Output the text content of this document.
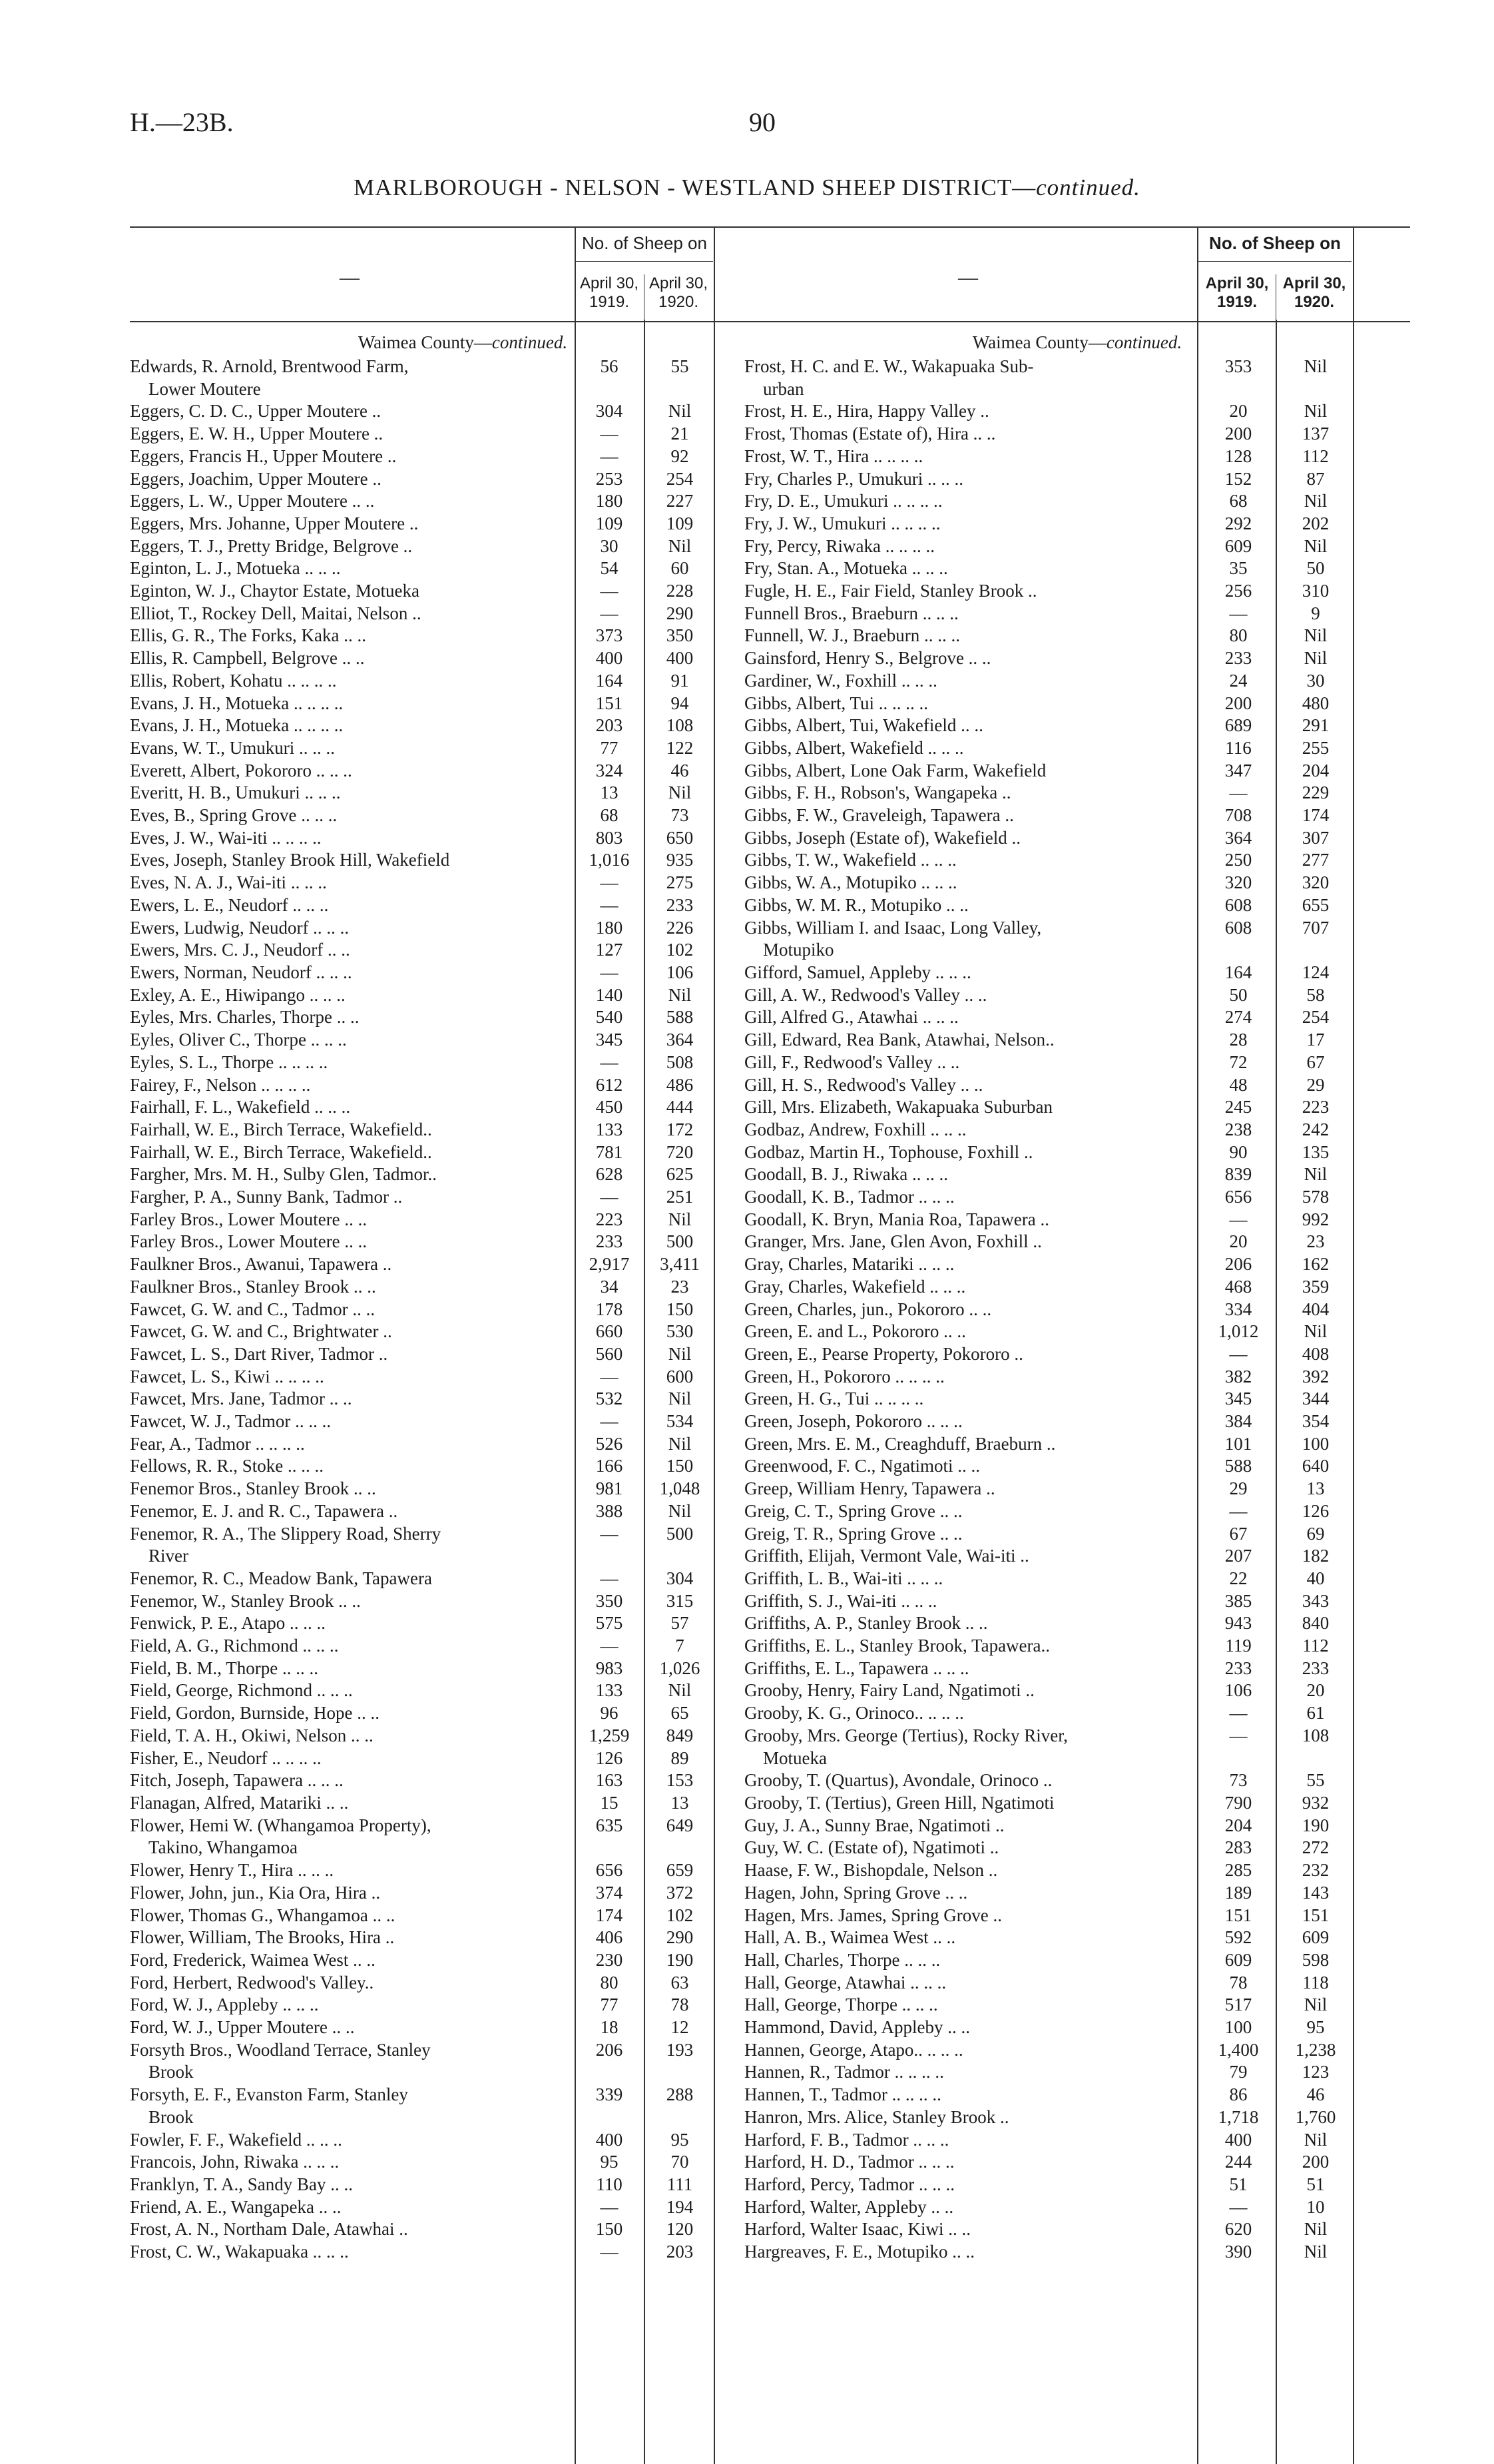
H.—23B.	90
MARLBOROUGH - NELSON - WESTLAND SHEEP DISTRICT—continued.
—
No. of Sheep on
April 30, 1919.
April 30, 1920.
Waimea County—continued.
Edwards, R. Arnold, Brentwood Farm,
Lower Moutere
56	55
Eggers, C. D. C., Upper Moutere ..	304	Nil
Eggers, E. W. H., Upper Moutere ..	—	21
Eggers, Francis H., Upper Moutere ..	—	92
Eggers, Joachim, Upper Moutere ..	253	254
Eggers, L. W., Upper Moutere .. ..	180	227
Eggers, Mrs. Johanne, Upper Moutere ..	109	109
Eggers, T. J., Pretty Bridge, Belgrove ..	30	Nil
Eginton, L. J., Motueka .. .. ..	54	60
Eginton, W. J., Chaytor Estate, Motueka	—	228
Elliot, T., Rockey Dell, Maitai, Nelson ..	—	290
Ellis, G. R., The Forks, Kaka .. ..	373	350
Ellis, R. Campbell, Belgrove .. ..	400	400
Ellis, Robert, Kohatu .. .. .. ..	164	91
Evans, J. H., Motueka .. .. .. ..	151	94
Evans, J. H., Motueka .. .. .. ..	203	108
Evans, W. T., Umukuri .. .. ..	77	122
Everett, Albert, Pokororo .. .. ..	324	46
Everitt, H. B., Umukuri .. .. ..	13	Nil
Eves, B., Spring Grove .. .. ..	68	73
Eves, J. W., Wai-iti .. .. .. ..	803	650
Eves, Joseph, Stanley Brook Hill, Wakefield	1,016	935
Eves, N. A. J., Wai-iti .. .. ..	—	275
Ewers, L. E., Neudorf .. .. ..	—	233
Ewers, Ludwig, Neudorf .. .. ..	180	226
Ewers, Mrs. C. J., Neudorf .. ..	127	102
Ewers, Norman, Neudorf .. .. ..	—	106
Exley, A. E., Hiwipango .. .. ..	140	Nil
Eyles, Mrs. Charles, Thorpe .. ..	540	588
Eyles, Oliver C., Thorpe .. .. ..	345	364
Eyles, S. L., Thorpe .. .. .. ..	—	508
Fairey, F., Nelson .. .. .. ..	612	486
Fairhall, F. L., Wakefield .. .. ..	450	444
Fairhall, W. E., Birch Terrace, Wakefield..	133	172
Fairhall, W. E., Birch Terrace, Wakefield..	781	720
Fargher, Mrs. M. H., Sulby Glen, Tadmor..	628	625
Fargher, P. A., Sunny Bank, Tadmor ..	—	251
Farley Bros., Lower Moutere .. ..	223	Nil
Farley Bros., Lower Moutere .. ..	233	500
Faulkner Bros., Awanui, Tapawera ..	2,917	3,411
Faulkner Bros., Stanley Brook .. ..	34	23
Fawcet, G. W. and C., Tadmor .. ..	178	150
Fawcet, G. W. and C., Brightwater ..	660	530
Fawcet, L. S., Dart River, Tadmor ..	560	Nil
Fawcet, L. S., Kiwi .. .. .. ..	—	600
Fawcet, Mrs. Jane, Tadmor .. ..	532	Nil
Fawcet, W. J., Tadmor .. .. ..	—	534
Fear, A., Tadmor .. .. .. ..	526	Nil
Fellows, R. R., Stoke .. .. ..	166	150
Fenemor Bros., Stanley Brook .. ..	981	1,048
Fenemor, E. J. and R. C., Tapawera ..	388	Nil
Fenemor, R. A., The Slippery Road, Sherry
River
—	500
Fenemor, R. C., Meadow Bank, Tapawera	—	304
Fenemor, W., Stanley Brook .. ..	350	315
Fenwick, P. E., Atapo .. .. ..	575	57
Field, A. G., Richmond .. .. ..	—	7
Field, B. M., Thorpe .. .. ..	983	1,026
Field, George, Richmond .. .. ..	133	Nil
Field, Gordon, Burnside, Hope .. ..	96	65
Field, T. A. H., Okiwi, Nelson .. ..	1,259	849
Fisher, E., Neudorf .. .. .. ..	126	89
Fitch, Joseph, Tapawera .. .. ..	163	153
Flanagan, Alfred, Matariki .. ..	15	13
Flower, Hemi W. (Whangamoa Property),
Takino, Whangamoa
635	649
Flower, Henry T., Hira .. .. ..	656	659
Flower, John, jun., Kia Ora, Hira ..	374	372
Flower, Thomas G., Whangamoa .. ..	174	102
Flower, William, The Brooks, Hira ..	406	290
Ford, Frederick, Waimea West .. ..	230	190
Ford, Herbert, Redwood's Valley..	80	63
Ford, W. J., Appleby .. .. ..	77	78
Ford, W. J., Upper Moutere .. ..	18	12
Forsyth Bros., Woodland Terrace, Stanley
Brook
206	193
Forsyth, E. F., Evanston Farm, Stanley
Brook
339	288
Fowler, F. F., Wakefield .. .. ..	400	95
Francois, John, Riwaka .. .. ..	95	70
Franklyn, T. A., Sandy Bay .. ..	110	111
Friend, A. E., Wangapeka .. ..	—	194
Frost, A. N., Northam Dale, Atawhai ..	150	120
Frost, C. W., Wakapuaka .. .. ..	—	203
—
No. of Sheep on
April 30, 1919.
April 30, 1920.
Waimea County—continued.
Frost, H. C. and E. W., Wakapuaka Sub-
urban
353	Nil
Frost, H. E., Hira, Happy Valley ..	20	Nil
Frost, Thomas (Estate of), Hira .. ..	200	137
Frost, W. T., Hira .. .. .. ..	128	112
Fry, Charles P., Umukuri .. .. ..	152	87
Fry, D. E., Umukuri .. .. .. ..	68	Nil
Fry, J. W., Umukuri .. .. .. ..	292	202
Fry, Percy, Riwaka .. .. .. ..	609	Nil
Fry, Stan. A., Motueka .. .. ..	35	50
Fugle, H. E., Fair Field, Stanley Brook ..	256	310
Funnell Bros., Braeburn .. .. ..	—	9
Funnell, W. J., Braeburn .. .. ..	80	Nil
Gainsford, Henry S., Belgrove .. ..	233	Nil
Gardiner, W., Foxhill .. .. ..	24	30
Gibbs, Albert, Tui .. .. .. ..	200	480
Gibbs, Albert, Tui, Wakefield .. ..	689	291
Gibbs, Albert, Wakefield .. .. ..	116	255
Gibbs, Albert, Lone Oak Farm, Wakefield	347	204
Gibbs, F. H., Robson's, Wangapeka ..	—	229
Gibbs, F. W., Graveleigh, Tapawera ..	708	174
Gibbs, Joseph (Estate of), Wakefield ..	364	307
Gibbs, T. W., Wakefield .. .. ..	250	277
Gibbs, W. A., Motupiko .. .. ..	320	320
Gibbs, W. M. R., Motupiko .. ..	608	655
Gibbs, William I. and Isaac, Long Valley,
Motupiko
608	707
Gifford, Samuel, Appleby .. .. ..	164	124
Gill, A. W., Redwood's Valley .. ..	50	58
Gill, Alfred G., Atawhai .. .. ..	274	254
Gill, Edward, Rea Bank, Atawhai, Nelson..	28	17
Gill, F., Redwood's Valley .. ..	72	67
Gill, H. S., Redwood's Valley .. ..	48	29
Gill, Mrs. Elizabeth, Wakapuaka Suburban	245	223
Godbaz, Andrew, Foxhill .. .. ..	238	242
Godbaz, Martin H., Tophouse, Foxhill ..	90	135
Goodall, B. J., Riwaka .. .. ..	839	Nil
Goodall, K. B., Tadmor .. .. ..	656	578
Goodall, K. Bryn, Mania Roa, Tapawera ..	—	992
Granger, Mrs. Jane, Glen Avon, Foxhill ..	20	23
Gray, Charles, Matariki .. .. ..	206	162
Gray, Charles, Wakefield .. .. ..	468	359
Green, Charles, jun., Pokororo .. ..	334	404
Green, E. and L., Pokororo .. ..	1,012	Nil
Green, E., Pearse Property, Pokororo ..	—	408
Green, H., Pokororo .. .. .. ..	382	392
Green, H. G., Tui .. .. .. ..	345	344
Green, Joseph, Pokororo .. .. ..	384	354
Green, Mrs. E. M., Creaghduff, Braeburn ..	101	100
Greenwood, F. C., Ngatimoti .. ..	588	640
Greep, William Henry, Tapawera ..	29	13
Greig, C. T., Spring Grove .. ..	—	126
Greig, T. R., Spring Grove .. ..	67	69
Griffith, Elijah, Vermont Vale, Wai-iti ..	207	182
Griffith, L. B., Wai-iti .. .. ..	22	40
Griffith, S. J., Wai-iti .. .. ..	385	343
Griffiths, A. P., Stanley Brook .. ..	943	840
Griffiths, E. L., Stanley Brook, Tapawera..	119	112
Griffiths, E. L., Tapawera .. .. ..	233	233
Grooby, Henry, Fairy Land, Ngatimoti ..	106	20
Grooby, K. G., Orinoco.. .. .. ..	—	61
Grooby, Mrs. George (Tertius), Rocky River,
Motueka
—	108
Grooby, T. (Quartus), Avondale, Orinoco ..	73	55
Grooby, T. (Tertius), Green Hill, Ngatimoti	790	932
Guy, J. A., Sunny Brae, Ngatimoti ..	204	190
Guy, W. C. (Estate of), Ngatimoti ..	283	272
Haase, F. W., Bishopdale, Nelson ..	285	232
Hagen, John, Spring Grove .. ..	189	143
Hagen, Mrs. James, Spring Grove ..	151	151
Hall, A. B., Waimea West .. ..	592	609
Hall, Charles, Thorpe .. .. ..	609	598
Hall, George, Atawhai .. .. ..	78	118
Hall, George, Thorpe .. .. ..	517	Nil
Hammond, David, Appleby .. ..	100	95
Hannen, George, Atapo.. .. .. ..	1,400	1,238
Hannen, R., Tadmor .. .. .. ..	79	123
Hannen, T., Tadmor .. .. .. ..	86	46
Hanron, Mrs. Alice, Stanley Brook ..	1,718	1,760
Harford, F. B., Tadmor .. .. ..	400	Nil
Harford, H. D., Tadmor .. .. ..	244	200
Harford, Percy, Tadmor .. .. ..	51	51
Harford, Walter, Appleby .. ..	—	10
Harford, Walter Isaac, Kiwi .. ..	620	Nil
Hargreaves, F. E., Motupiko .. ..	390	Nil
